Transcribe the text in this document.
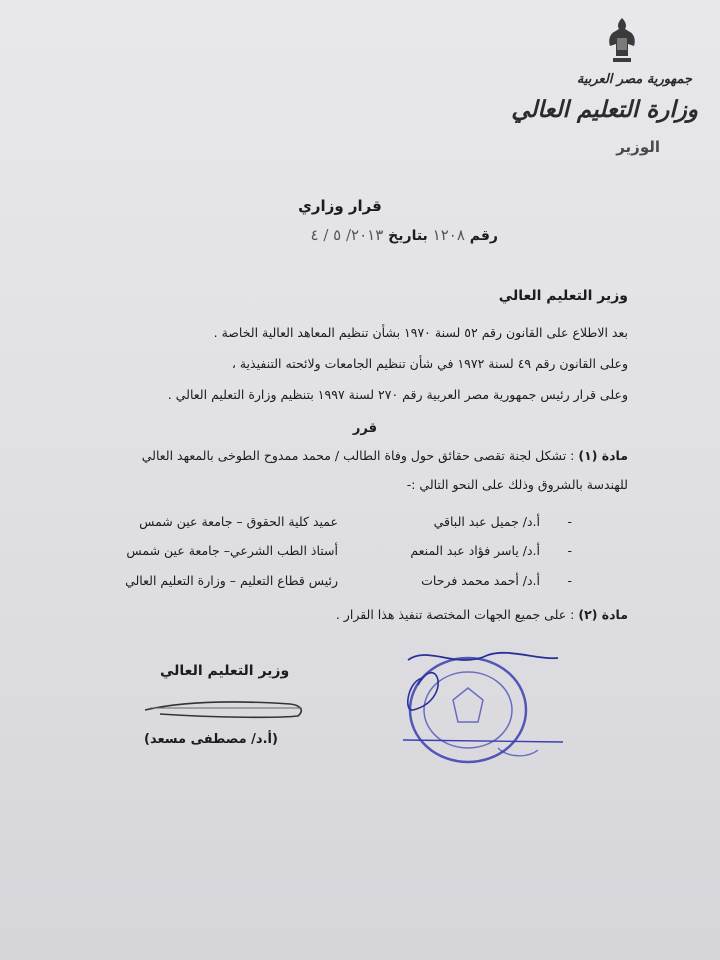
جمهورية مصر العربية
وزارة التعليم العالي
الوزير
قرار وزاري
رقم ١٢٠٨ بتاريخ ٢٠١٣/ ٥ / ٤
وزير التعليم العالي
بعد الاطلاع على القانون رقم ٥٢ لسنة ١٩٧٠ بشأن تنظيم المعاهد العالية الخاصة .
وعلى القانون رقم ٤٩ لسنة ١٩٧٢ في شأن تنظيم الجامعات ولائحته التنفيذية ،
وعلى قرار رئيس جمهورية مصر العربية رقم ٢٧٠ لسنة ١٩٩٧ بتنظيم وزارة التعليم العالي .
قرر
مادة (١) : تشكل لجنة تقصى حقائق حول وفاة الطالب / محمد ممدوح الطوخى بالمعهد العالي
للهندسة بالشروق وذلك على النحو التالي :-
-
أ.د/ جميل عبد الباقي
عميد كلية الحقوق – جامعة عين شمس
-
أ.د/ ياسر فؤاد عبد المنعم
أستاذ الطب الشرعي– جامعة عين شمس
-
أ.د/ أحمد محمد فرحات
رئيس قطاع التعليم – وزارة التعليم العالي
مادة (٢) : على جميع الجهات المختصة تنفيذ هذا القرار .
وزير التعليم العالي
(أ.د/ مصطفى مسعد)
